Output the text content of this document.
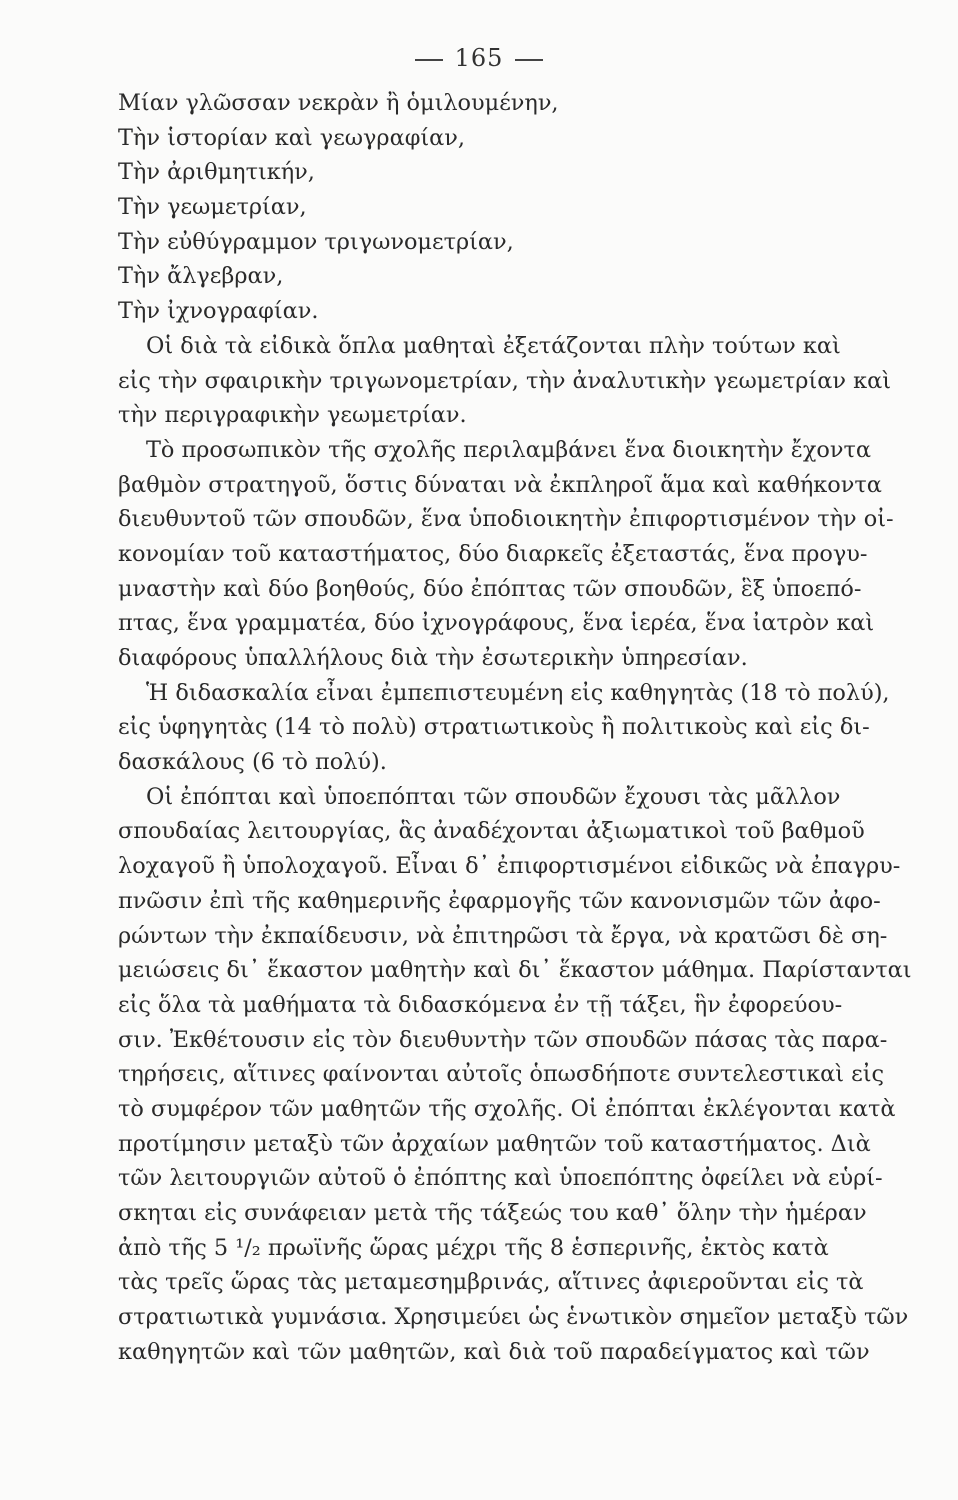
165
Μίαν γλῶσσαν νεκρὰν ἢ ὁμιλουμένην,
Τὴν ἱστορίαν καὶ γεωγραφίαν,
Τὴν ἀριθμητικήν,
Τὴν γεωμετρίαν,
Τὴν εὐθύγραμμον τριγωνομετρίαν,
Τὴν ἄλγεβραν,
Τὴν ἰχνογραφίαν.
Οἱ διὰ τὰ εἰδικὰ ὅπλα μαθηταὶ ἐξετάζονται πλὴν τούτων καὶ
εἰς τὴν σφαιρικὴν τριγωνομετρίαν, τὴν ἀναλυτικὴν γεωμετρίαν καὶ
τὴν περιγραφικὴν γεωμετρίαν.
Τὸ προσωπικὸν τῆς σχολῆς περιλαμβάνει ἕνα διοικητὴν ἔχοντα
βαθμὸν στρατηγοῦ, ὅστις δύναται νὰ ἐκπληροῖ ἅμα καὶ καθήκοντα
διευθυντοῦ τῶν σπουδῶν, ἕνα ὑποδιοικητὴν ἐπιφορτισμένον τὴν οἰ-
κονομίαν τοῦ καταστήματος, δύο διαρκεῖς ἐξεταστάς, ἕνα προγυ-
μναστὴν καὶ δύο βοηθούς, δύο ἐπόπτας τῶν σπουδῶν, ἓξ ὑποεπό-
πτας, ἕνα γραμματέα, δύο ἰχνογράφους, ἕνα ἱερέα, ἕνα ἰατρὸν καὶ
διαφόρους ὑπαλλήλους διὰ τὴν ἐσωτερικὴν ὑπηρεσίαν.
Ἡ διδασκαλία εἶναι ἐμπεπιστευμένη εἰς καθηγητὰς (18 τὸ πολύ),
εἰς ὑφηγητὰς (14 τὸ πολὺ) στρατιωτικοὺς ἢ πολιτικοὺς καὶ εἰς δι-
δασκάλους (6 τὸ πολύ).
Οἱ ἐπόπται καὶ ὑποεπόπται τῶν σπουδῶν ἔχουσι τὰς μᾶλλον
σπουδαίας λειτουργίας, ἃς ἀναδέχονται ἀξιωματικοὶ τοῦ βαθμοῦ
λοχαγοῦ ἢ ὑπολοχαγοῦ. Εἶναι δ᾽ ἐπιφορτισμένοι εἰδικῶς νὰ ἐπαγρυ-
πνῶσιν ἐπὶ τῆς καθημερινῆς ἐφαρμογῆς τῶν κανονισμῶν τῶν ἀφο-
ρώντων τὴν ἐκπαίδευσιν, νὰ ἐπιτηρῶσι τὰ ἔργα, νὰ κρατῶσι δὲ ση-
μειώσεις δι᾽ ἕκαστον μαθητὴν καὶ δι᾽ ἕκαστον μάθημα. Παρίστανται
εἰς ὅλα τὰ μαθήματα τὰ διδασκόμενα ἐν τῇ τάξει, ἣν ἐφορεύου-
σιν. Ἐκθέτουσιν εἰς τὸν διευθυντὴν τῶν σπουδῶν πάσας τὰς παρα-
τηρήσεις, αἵτινες φαίνονται αὐτοῖς ὁπωσδήποτε συντελεστικαὶ εἰς
τὸ συμφέρον τῶν μαθητῶν τῆς σχολῆς. Οἱ ἐπόπται ἐκλέγονται κατὰ
προτίμησιν μεταξὺ τῶν ἀρχαίων μαθητῶν τοῦ καταστήματος. Διὰ
τῶν λειτουργιῶν αὐτοῦ ὁ ἐπόπτης καὶ ὑποεπόπτης ὀφείλει νὰ εὑρί-
σκηται εἰς συνάφειαν μετὰ τῆς τάξεώς του καθ᾽ ὅλην τὴν ἡμέραν
ἀπὸ τῆς 5 ¹/₂ πρωϊνῆς ὥρας μέχρι τῆς 8 ἑσπερινῆς, ἐκτὸς κατὰ
τὰς τρεῖς ὥρας τὰς μεταμεσημβρινάς, αἵτινες ἀφιεροῦνται εἰς τὰ
στρατιωτικὰ γυμνάσια. Χρησιμεύει ὡς ἑνωτικὸν σημεῖον μεταξὺ τῶν
καθηγητῶν καὶ τῶν μαθητῶν, καὶ διὰ τοῦ παραδείγματος καὶ τῶν
